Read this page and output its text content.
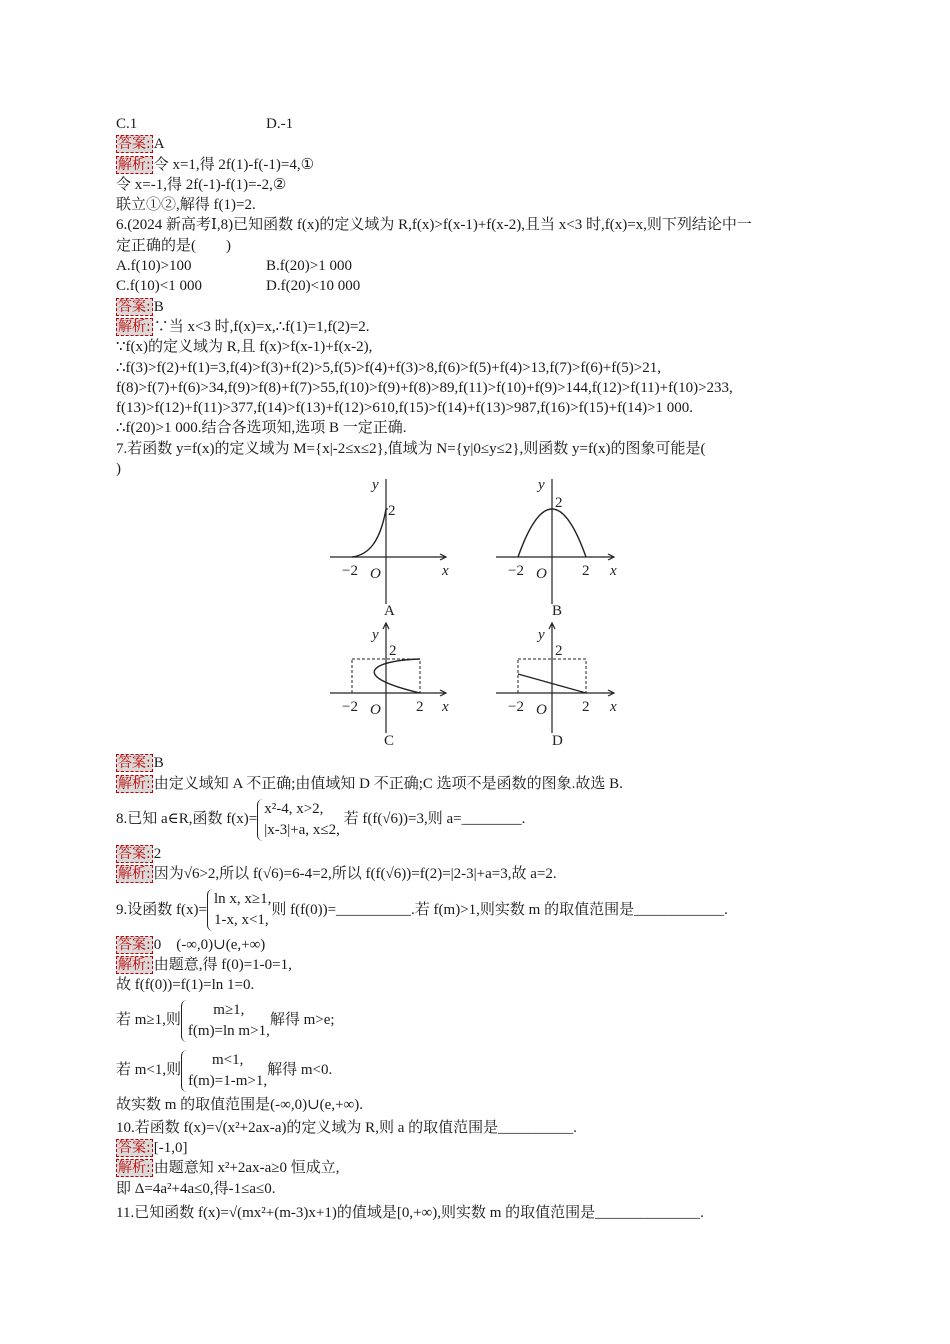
C.1	D.-1
答案: A
解析: 令 x=1,得 2f(1)-f(-1)=4,①
令 x=-1,得 2f(-1)-f(1)=-2,②
联立①②,解得 f(1)=2.
6.(2024 新高考Ⅰ,8)已知函数 f(x)的定义域为 R,f(x)>f(x-1)+f(x-2),且当 x<3 时,f(x)=x,则下列结论中一
定正确的是(　　)
A.f(10)>100	B.f(20)>1 000
C.f(10)<1 000	D.f(20)<10 000
答案: B
解析: ∵当 x<3 时,f(x)=x,∴f(1)=1,f(2)=2.
∵f(x)的定义域为 R,且 f(x)>f(x-1)+f(x-2),
∴f(3)>f(2)+f(1)=3,f(4)>f(3)+f(2)>5,f(5)>f(4)+f(3)>8,f(6)>f(5)+f(4)>13,f(7)>f(6)+f(5)>21,
f(8)>f(7)+f(6)>34,f(9)>f(8)+f(7)>55,f(10)>f(9)+f(8)>89,f(11)>f(10)+f(9)>144,f(12)>f(11)+f(10)>233,
f(13)>f(12)+f(11)>377,f(14)>f(13)+f(12)>610,f(15)>f(14)+f(13)>987,f(16)>f(15)+f(14)>1 000.
∴f(20)>1 000.结合各选项知,选项 B 一定正确.
7.若函数 y=f(x)的定义域为 M={x|-2≤x≤2},值域为 N={y|0≤y≤2},则函数 y=f(x)的图象可能是(
)
−2 O
2
x
y
A
−2 O 2
2
x
y
B
−2 O 2
2
x
y
C
−2 O 2
2
x
y
D
答案: B
解析: 由定义域知 A 不正确;由值域知 D 不正确;C 选项不是函数的图象.故选 B.
8.已知 a∈R,函数 f(x)=
x²-4, x>2,
|x-3|+a, x≤2,
若 f(f(√6))=3,则 a=________.
答案: 2
解析: 因为√6>2,所以 f(√6)=6-4=2,所以 f(f(√6))=f(2)=|2-3|+a=3,故 a=2.
9.设函数 f(x)=
ln x, x≥1,
1-x, x<1,
则 f(f(0))=__________.若 f(m)>1,则实数 m 的取值范围是____________.
答案: 0　(-∞,0)∪(e,+∞)
解析: 由题意,得 f(0)=1-0=1,
故 f(f(0))=f(1)=ln 1=0.
若 m≥1,则
m≥1,
f(m)=ln m>1,
解得 m>e;
若 m<1,则
m<1,
f(m)=1-m>1,
解得 m<0.
故实数 m 的取值范围是(-∞,0)∪(e,+∞).
10.若函数 f(x)=√(x²+2ax-a)的定义域为 R,则 a 的取值范围是__________.
答案: [-1,0]
解析: 由题意知 x²+2ax-a≥0 恒成立,
即 Δ=4a²+4a≤0,得-1≤a≤0.
11.已知函数 f(x)=√(mx²+(m-3)x+1)的值域是[0,+∞),则实数 m 的取值范围是______________.
